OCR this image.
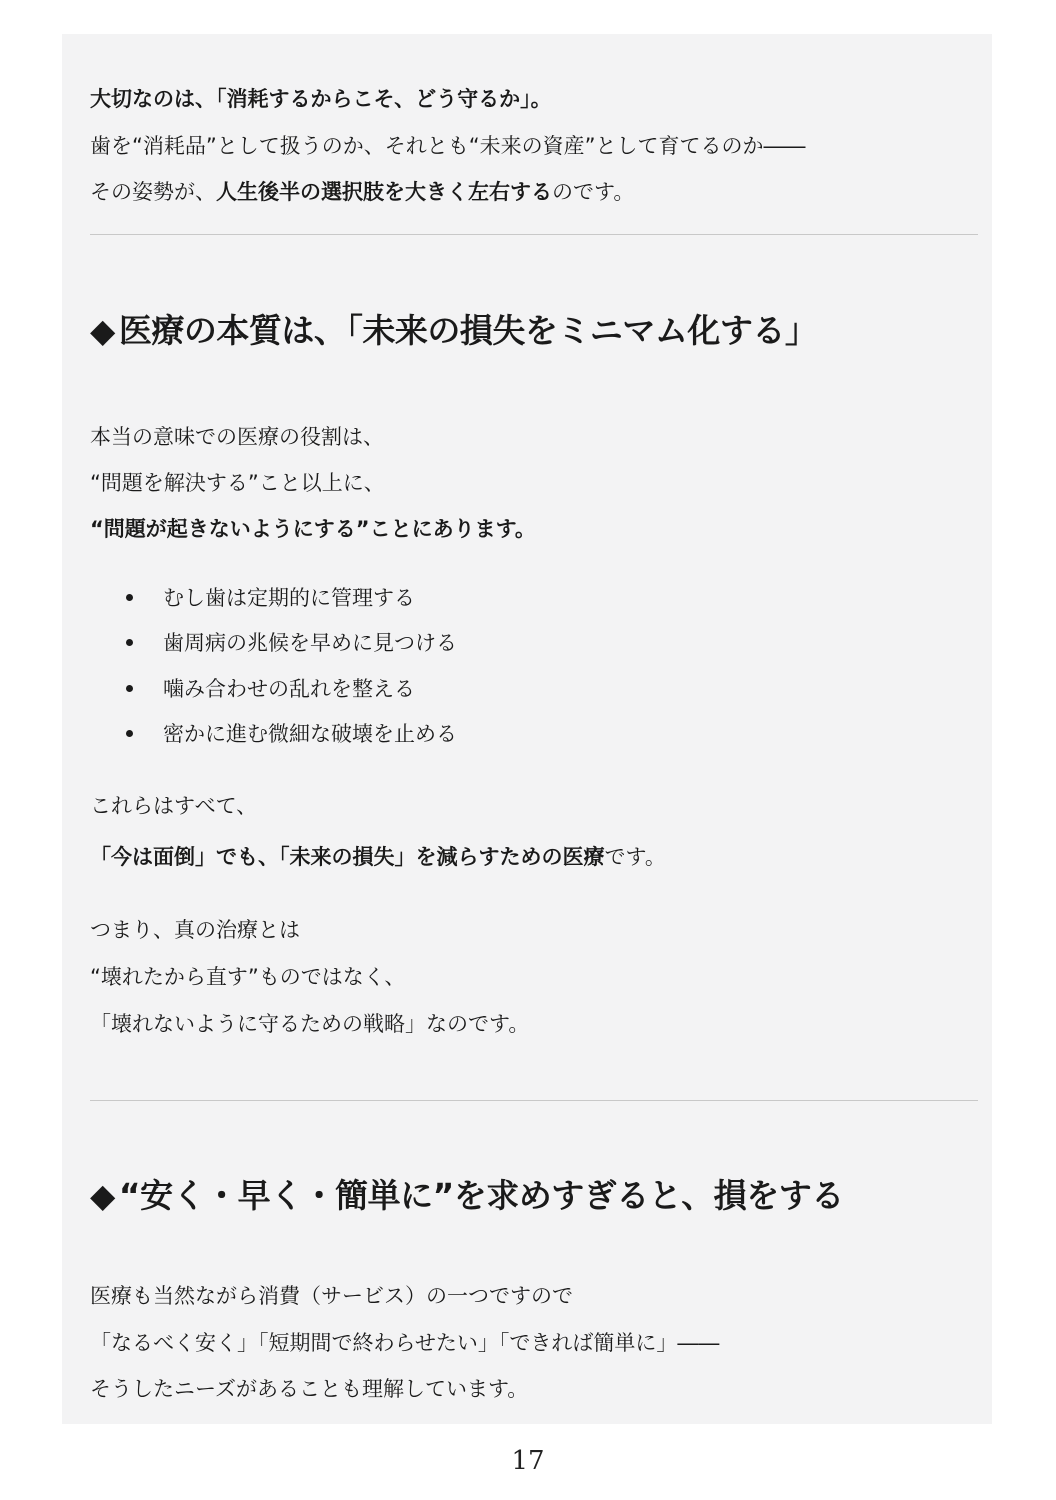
大切なのは、「消耗するからこそ、どう守るか」。
歯を“消耗品”として扱うのか、それとも“未来の資産”として育てるのか――
その姿勢が、人生後半の選択肢を大きく左右するのです。
◆ 医療の本質は、「未来の損失をミニマム化する」
本当の意味での医療の役割は、
“問題を解決する”こと以上に、
“問題が起きないようにする”ことにあります。
むし歯は定期的に管理する
歯周病の兆候を早めに見つける
噛み合わせの乱れを整える
密かに進む微細な破壊を止める
これらはすべて、
「今は面倒」でも、「未来の損失」を減らすための医療です。
つまり、真の治療とは
“壊れたから直す”ものではなく、
「壊れないように守るための戦略」なのです。
◆ “安く・早く・簡単に”を求めすぎると、損をする
医療も当然ながら消費（サービス）の一つですので
「なるべく安く」「短期間で終わらせたい」「できれば簡単に」――
そうしたニーズがあることも理解しています。
17
